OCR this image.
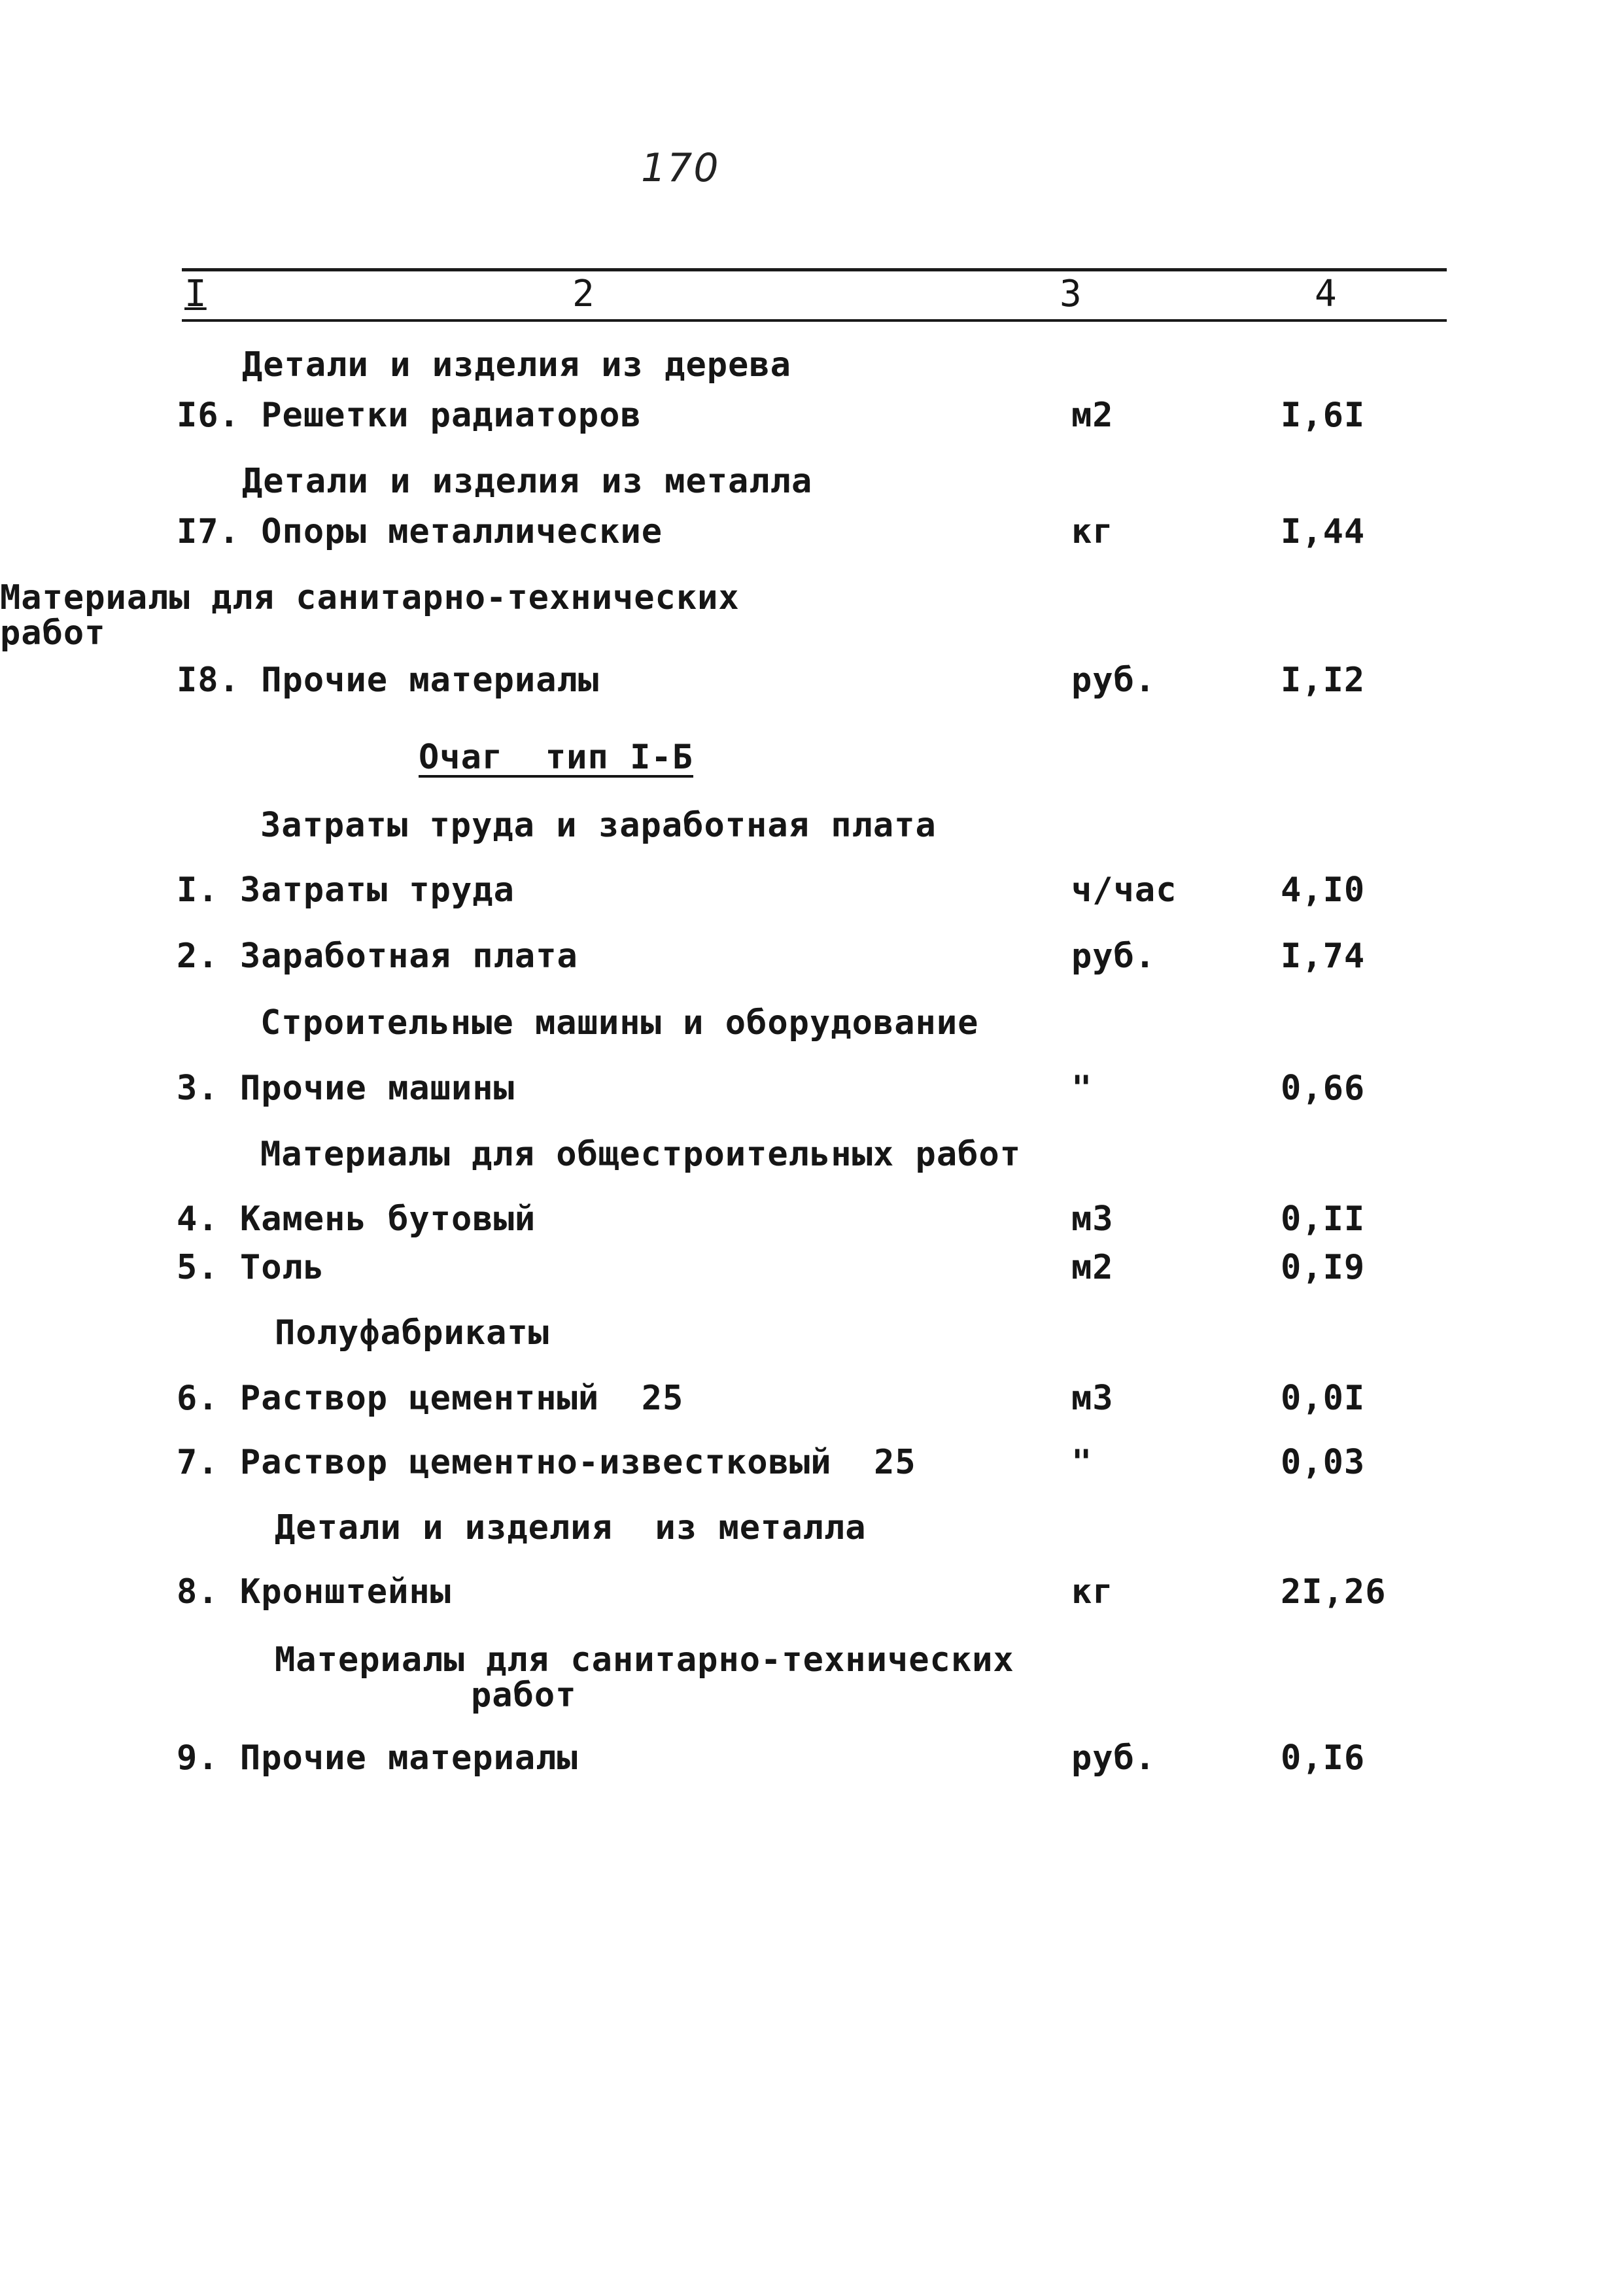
170
I	2	3	4
Детали и изделия из дерева
I6. Решетки радиаторов	м2	I,6I
Детали и изделия из металла
I7. Опоры металлические	кг	I,44
Материалы для санитарно-технических
работ
I8. Прочие материалы	руб.	I,I2
Очаг  тип I-Б
Затраты труда и заработная плата
I. Затраты труда	ч/час	4,I0
2. Заработная плата	руб.	I,74
Строительные машины и оборудование
3. Прочие машины	"	0,66
Материалы для общестроительных работ
4. Камень бутовый	м3	0,II
5. Толь	м2	0,I9
Полуфабрикаты
6. Раствор цементный  25	м3	0,0I
7. Раствор цементно-известковый  25	"	0,03
Детали и изделия  из металла
8. Кронштейны	кг	2I,26
Материалы для санитарно-технических
работ
9. Прочие материалы	руб.	0,I6
